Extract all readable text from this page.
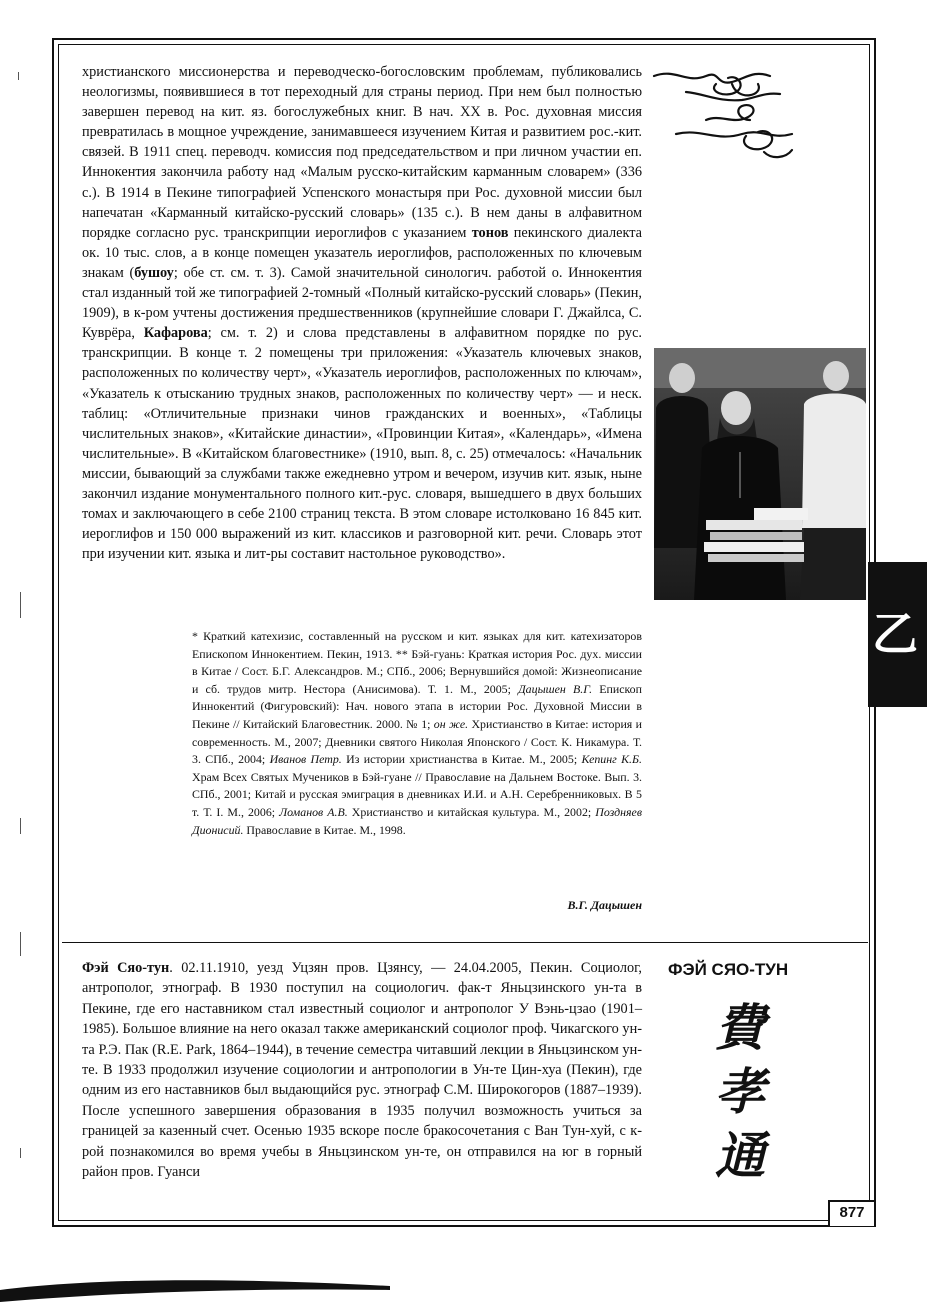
христианского миссионерства и переводческо-богословским проблемам, публиковались неологизмы, появившиеся в тот переходный для страны период. При нем был полностью завершен перевод на кит. яз. богослужебных книг. В нач. XX в. Рос. духовная миссия превратилась в мощное учреждение, занимавшееся изучением Китая и развитием рос.-кит. связей. В 1911 спец. переводч. комиссия под председательством и при личном участии еп. Иннокентия закончила работу над «Малым русско-китайским карманным словарем» (336 с.). В 1914 в Пекине типографией Успенского монастыря при Рос. духовной миссии был напечатан «Карманный китайско-русский словарь» (135 с.). В нем даны в алфавитном порядке согласно рус. транскрипции иероглифов с указанием тонов пекинского диалекта ок. 10 тыс. слов, а в конце помещен указатель иероглифов, расположенных по ключевым знакам (бушоу; обе ст. см. т. 3). Самой значительной синологич. работой о. Иннокентия стал изданный той же типографией 2-томный «Полный китайско-русский словарь» (Пекин, 1909), в к-ром учтены достижения предшественников (крупнейшие словари Г. Джайлса, С. Куврёра, Кафарова; см. т. 2) и слова представлены в алфавитном порядке по рус. транскрипции. В конце т. 2 помещены три приложения: «Указатель ключевых знаков, расположенных по количеству черт», «Указатель иероглифов, расположенных по ключам», «Указатель к отысканию трудных знаков, расположенных по количеству черт» — и неск. таблиц: «Отличительные признаки чинов гражданских и военных», «Таблицы числительных знаков», «Китайские династии», «Провинции Китая», «Календарь», «Имена числительные». В «Китайском благовестнике» (1910, вып. 8, с. 25) отмечалось: «Начальник миссии, бывающий за службами также ежедневно утром и вечером, изучив кит. язык, ныне закончил издание монументального полного кит.-рус. словаря, вышедшего в двух больших томах и заключающего в себе 2100 страниц текста. В этом словаре истолковано 16 845 кит. иероглифов и 150 000 выражений из кит. классиков и разговорной кит. речи. Словарь этот при изучении кит. языка и лит-ры составит настольное руководство».

乙

* Краткий катехизис, составленный на русском и кит. языках для кит. катехизаторов Епископом Иннокентием. Пекин, 1913. ** Бэй-гуань: Краткая история Рос. дух. миссии в Китае / Сост. Б.Г. Александров. М.; СПб., 2006; Вернувшийся домой: Жизнеописание и сб. трудов митр. Нестора (Анисимова). Т. 1. М., 2005; Дацышен В.Г. Епископ Иннокентий (Фигуровский): Нач. нового этапа в истории Рос. Духовной Миссии в Пекине // Китайский Благовестник. 2000. № 1; он же. Христианство в Китае: история и современность. М., 2007; Дневники святого Николая Японского / Сост. К. Никамура. Т. 3. СПб., 2004; Иванов Петр. Из истории христианства в Китае. М., 2005; Кепинг К.Б. Храм Всех Святых Мучеников в Бэй-гуане // Православие на Дальнем Востоке. Вып. 3. СПб., 2001; Китай и русская эмиграция в дневниках И.И. и А.Н. Серебренниковых. В 5 т. Т. I. М., 2006; Ломанов А.В. Христианство и китайская культура. М., 2002; Поздняев Дионисий. Православие в Китае. М., 1998.

В.Г. Дацышен

Фэй Сяо-тун. 02.11.1910, уезд Уцзян пров. Цзянсу, — 24.04.2005, Пекин. Социолог, антрополог, этнограф. В 1930 поступил на социологич. фак-т Яньцзинского ун-та в Пекине, где его наставником стал известный социолог и антрополог У Вэнь-цзао (1901–1985). Большое влияние на него оказал также американский социолог проф. Чикагского ун-та Р.Э. Пак (R.E. Park, 1864–1944), в течение семестра читавший лекции в Яньцзинском ун-те. В 1933 продолжил изучение социологии и антропологии в Ун-те Цин-хуа (Пекин), где одним из его наставников был выдающийся рус. этнограф С.М. Широкогоров (1887–1939). После успешного завершения образования в 1935 получил возможность учиться за границей за казенный счет. Осенью 1935 вскоре после бракосочетания с Ван Тун-хуй, с к-рой познакомился во время учебы в Яньцзинском ун-те, он отправился на юг в горный район пров. Гуанси

ФЭЙ СЯО-ТУН
費
孝
通
877
